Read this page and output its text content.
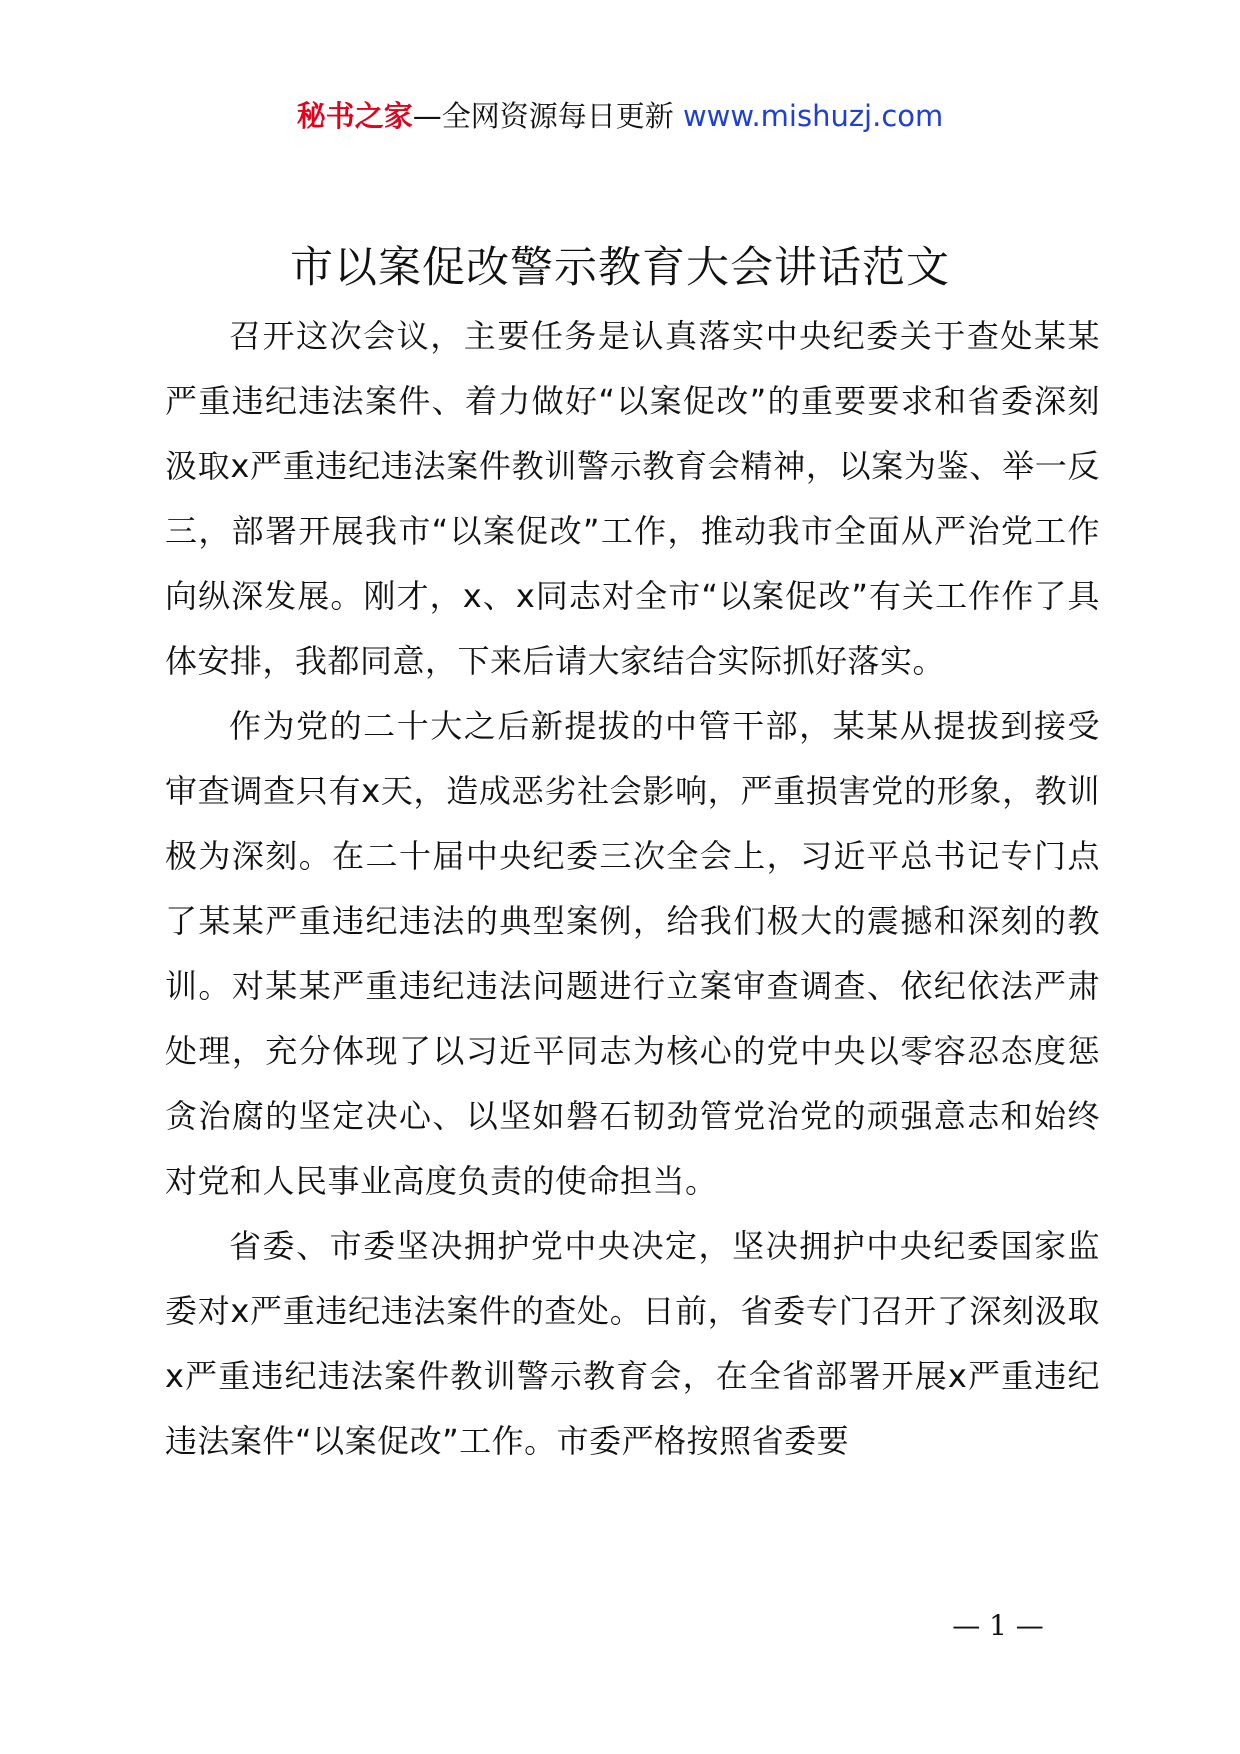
秘书之家—全网资源每日更新 www.mishuzj.com
市以案促改警示教育大会讲话范文

召开这次会议，主要任务是认真落实中央纪委关于查处某某严重违纪违法案件、着力做好“以案促改”的重要要求和省委深刻汲取x严重违纪违法案件教训警示教育会精神，以案为鉴、举一反三，部署开展我市“以案促改”工作，推动我市全面从严治党工作向纵深发展。刚才，x、x同志对全市“以案促改”有关工作作了具体安排，我都同意，下来后请大家结合实际抓好落实。

作为党的二十大之后新提拔的中管干部，某某从提拔到接受审查调查只有x天，造成恶劣社会影响，严重损害党的形象，教训极为深刻。在二十届中央纪委三次全会上，习近平总书记专门点了某某严重违纪违法的典型案例，给我们极大的震撼和深刻的教训。对某某严重违纪违法问题进行立案审查调查、依纪依法严肃处理，充分体现了以习近平同志为核心的党中央以零容忍态度惩贪治腐的坚定决心、以坚如磐石韧劲管党治党的顽强意志和始终对党和人民事业高度负责的使命担当。

省委、市委坚决拥护党中央决定，坚决拥护中央纪委国家监委对x严重违纪违法案件的查处。日前，省委专门召开了深刻汲取x严重违纪违法案件教训警示教育会，在全省部署开展x严重违纪违法案件“以案促改”工作。市委严格按照省委要

— 1 —
